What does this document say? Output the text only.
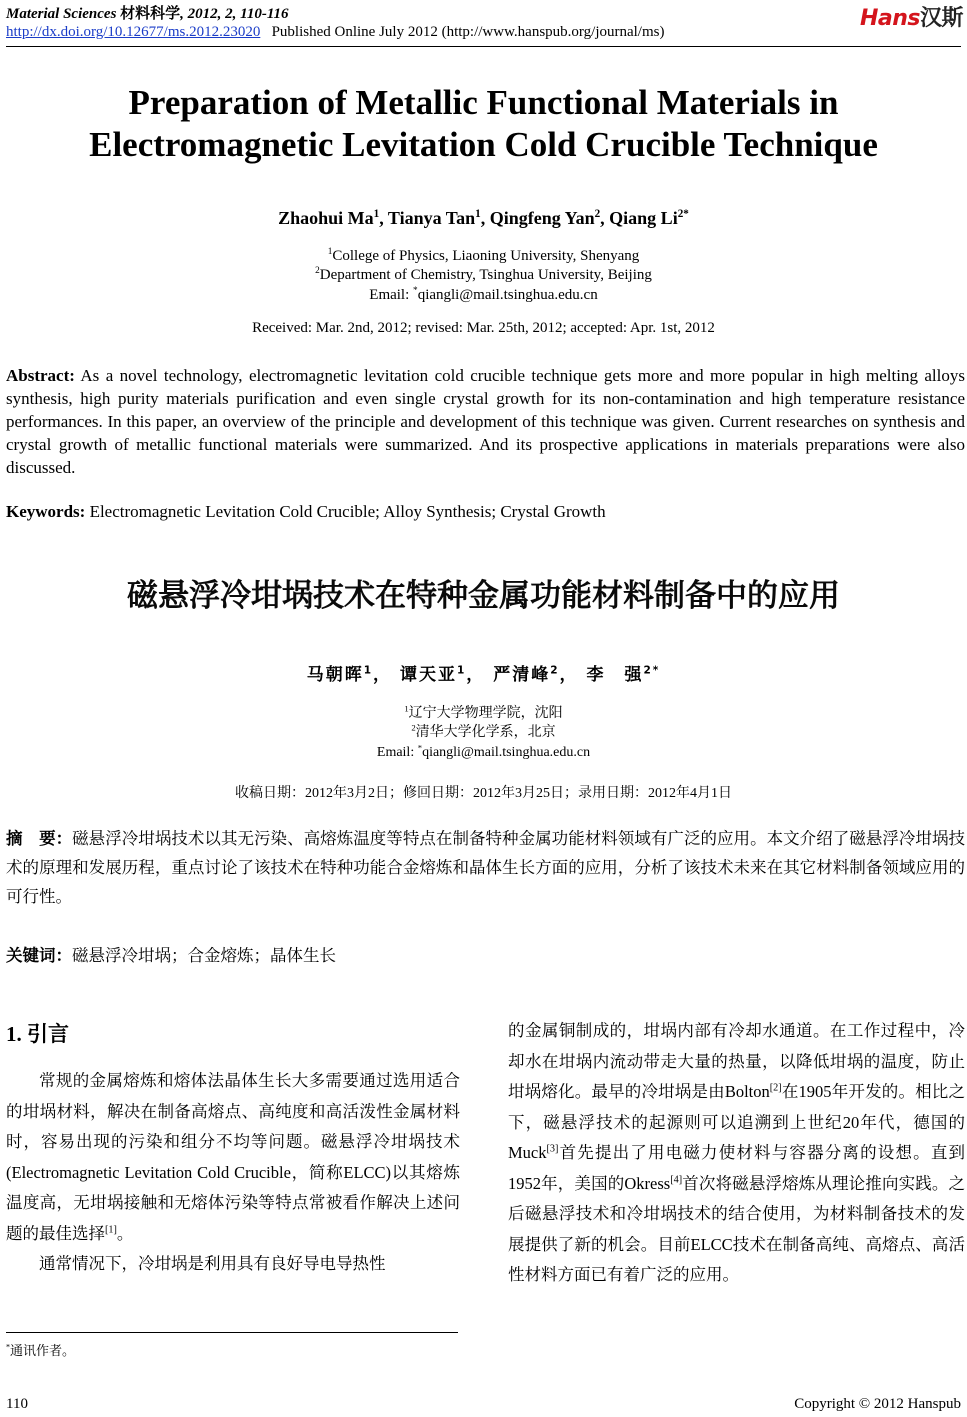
Material Sciences 材料科学, 2012, 2, 110-116
http://dx.doi.org/10.12677/ms.2012.23020 Published Online July 2012 (http://www.hanspub.org/journal/ms)
Hans汉斯
Preparation of Metallic Functional Materials in
Electromagnetic Levitation Cold Crucible Technique
Zhaohui Ma$^1$, Tianya Tan$^1$, Qingfeng Yan$^2$, Qiang $Li^{2*}$
$^1$College of Physics, Liaoning University, Shenyang
$^2$Department of Chemistry, Tsinghua University, Beijing
Email: *qiangli@mail.tsinghua.edu.cn
Received: Mar. 2nd, 2012; revised: Mar. 25th, 2012; accepted: Apr. 1st, 2012
Abstract: As a novel technology, electromagnetic levitation cold crucible technique gets more and more popular in high melting alloys synthesis, high purity materials purification and even single crystal growth for its non-contamination and high temperature resistance performances. In this paper, an overview of the principle and development of this technique was given. Current researches on synthesis and crystal growth of metallic functional materials were summarized. And its prospective applications in materials preparations were also discussed.
Keywords: Electromagnetic Levitation Cold Crucible; Alloy Synthesis; Crystal Growth
磁悬浮冷坩埚技术在特种金属功能材料制备中的应用
马朝晖$^1$， 谭天亚$^1$， 严清峰$^2$， 李　强$^{2*}$
$^1$辽宁大学物理学院，沈阳
$^2$清华大学化学系，北京
Email: *qiangli@mail.tsinghua.edu.cn
收稿日期：2012年3月2日；修回日期：2012年3月25日；录用日期：2012年4月1日
摘　要：磁悬浮冷坩埚技术以其无污染、高熔炼温度等特点在制备特种金属功能材料领域有广泛的应用。本文介绍了磁悬浮冷坩埚技术的原理和发展历程，重点讨论了该技术在特种功能合金熔炼和晶体生长方面的应用，分析了该技术未来在其它材料制备领域应用的可行性。
关键词：磁悬浮冷坩埚；合金熔炼；晶体生长
1. 引言

常规的金属熔炼和熔体法晶体生长大多需要通过选用适合的坩埚材料，解决在制备高熔点、高纯度和高活泼性金属材料时，容易出现的污染和组分不均等问题。磁悬浮冷坩埚技术(Electromagnetic Levitation Cold Crucible，简称ELCC)以其熔炼温度高，无坩埚接触和无熔体污染等特点常被看作解决上述问题的最佳选择[1]。

通常情况下，冷坩埚是利用具有良好导电导热性

的金属铜制成的，坩埚内部有冷却水通道。在工作过程中，冷却水在坩埚内流动带走大量的热量，以降低坩埚的温度，防止坩埚熔化。最早的冷坩埚是由Bolton[2]在1905年开发的。相比之下，磁悬浮技术的起源则可以追溯到上世纪20年代，德国的Muck[3]首先提出了用电磁力使材料与容器分离的设想。直到1952年，美国的Okress[4]首次将磁悬浮熔炼从理论推向实践。之后磁悬浮技术和冷坩埚技术的结合使用，为材料制备技术的发展提供了新的机会。目前ELCC技术在制备高纯、高熔点、高活性材料方面已有着广泛的应用。
*通讯作者。
110	Copyright © 2012 Hanspub
